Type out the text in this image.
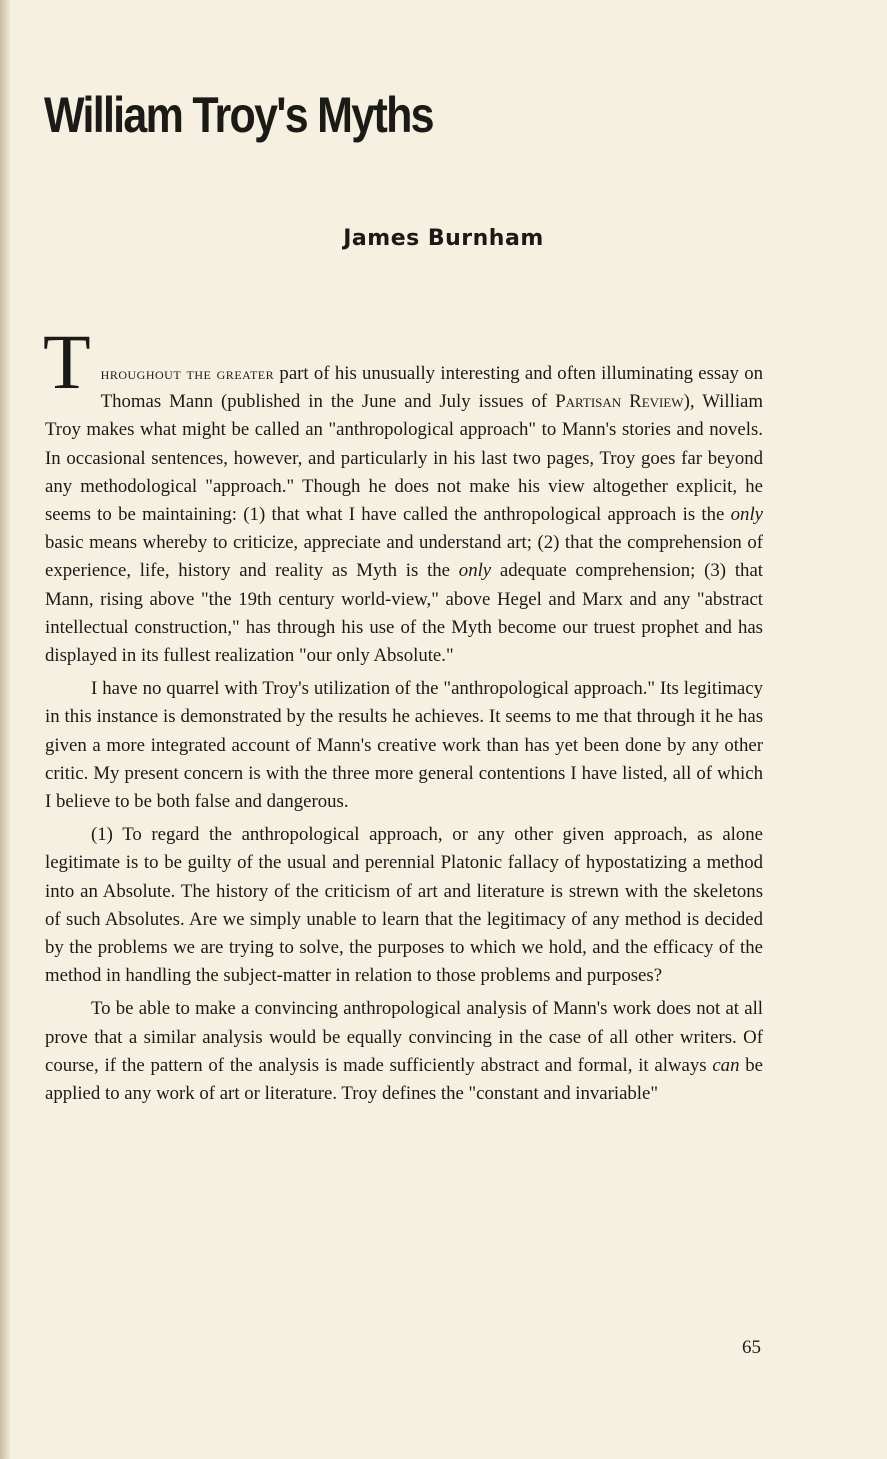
William Troy's Myths
James Burnham

Throughout the greater part of his unusually interesting and often illuminating essay on Thomas Mann (published in the June and July issues of Partisan Review), William Troy makes what might be called an "anthropological approach" to Mann's stories and novels. In occasional sentences, however, and particularly in his last two pages, Troy goes far beyond any methodological "approach." Though he does not make his view altogether explicit, he seems to be maintaining: (1) that what I have called the anthropological approach is the only basic means whereby to criticize, appreciate and understand art; (2) that the comprehension of experience, life, history and reality as Myth is the only adequate comprehension; (3) that Mann, rising above "the 19th century world-view," above Hegel and Marx and any "abstract intellectual construction," has through his use of the Myth become our truest prophet and has displayed in its fullest realization "our only Absolute."

I have no quarrel with Troy's utilization of the "anthropological approach." Its legitimacy in this instance is demonstrated by the results he achieves. It seems to me that through it he has given a more integrated account of Mann's creative work than has yet been done by any other critic. My present concern is with the three more general contentions I have listed, all of which I believe to be both false and dangerous.

(1) To regard the anthropological approach, or any other given approach, as alone legitimate is to be guilty of the usual and perennial Platonic fallacy of hypostatizing a method into an Absolute. The history of the criticism of art and literature is strewn with the skeletons of such Absolutes. Are we simply unable to learn that the legitimacy of any method is decided by the problems we are trying to solve, the purposes to which we hold, and the efficacy of the method in handling the subject-matter in relation to those problems and purposes?

To be able to make a convincing anthropological analysis of Mann's work does not at all prove that a similar analysis would be equally convincing in the case of all other writers. Of course, if the pattern of the analysis is made sufficiently abstract and formal, it always can be applied to any work of art or literature. Troy defines the "constant and invariable"

65
